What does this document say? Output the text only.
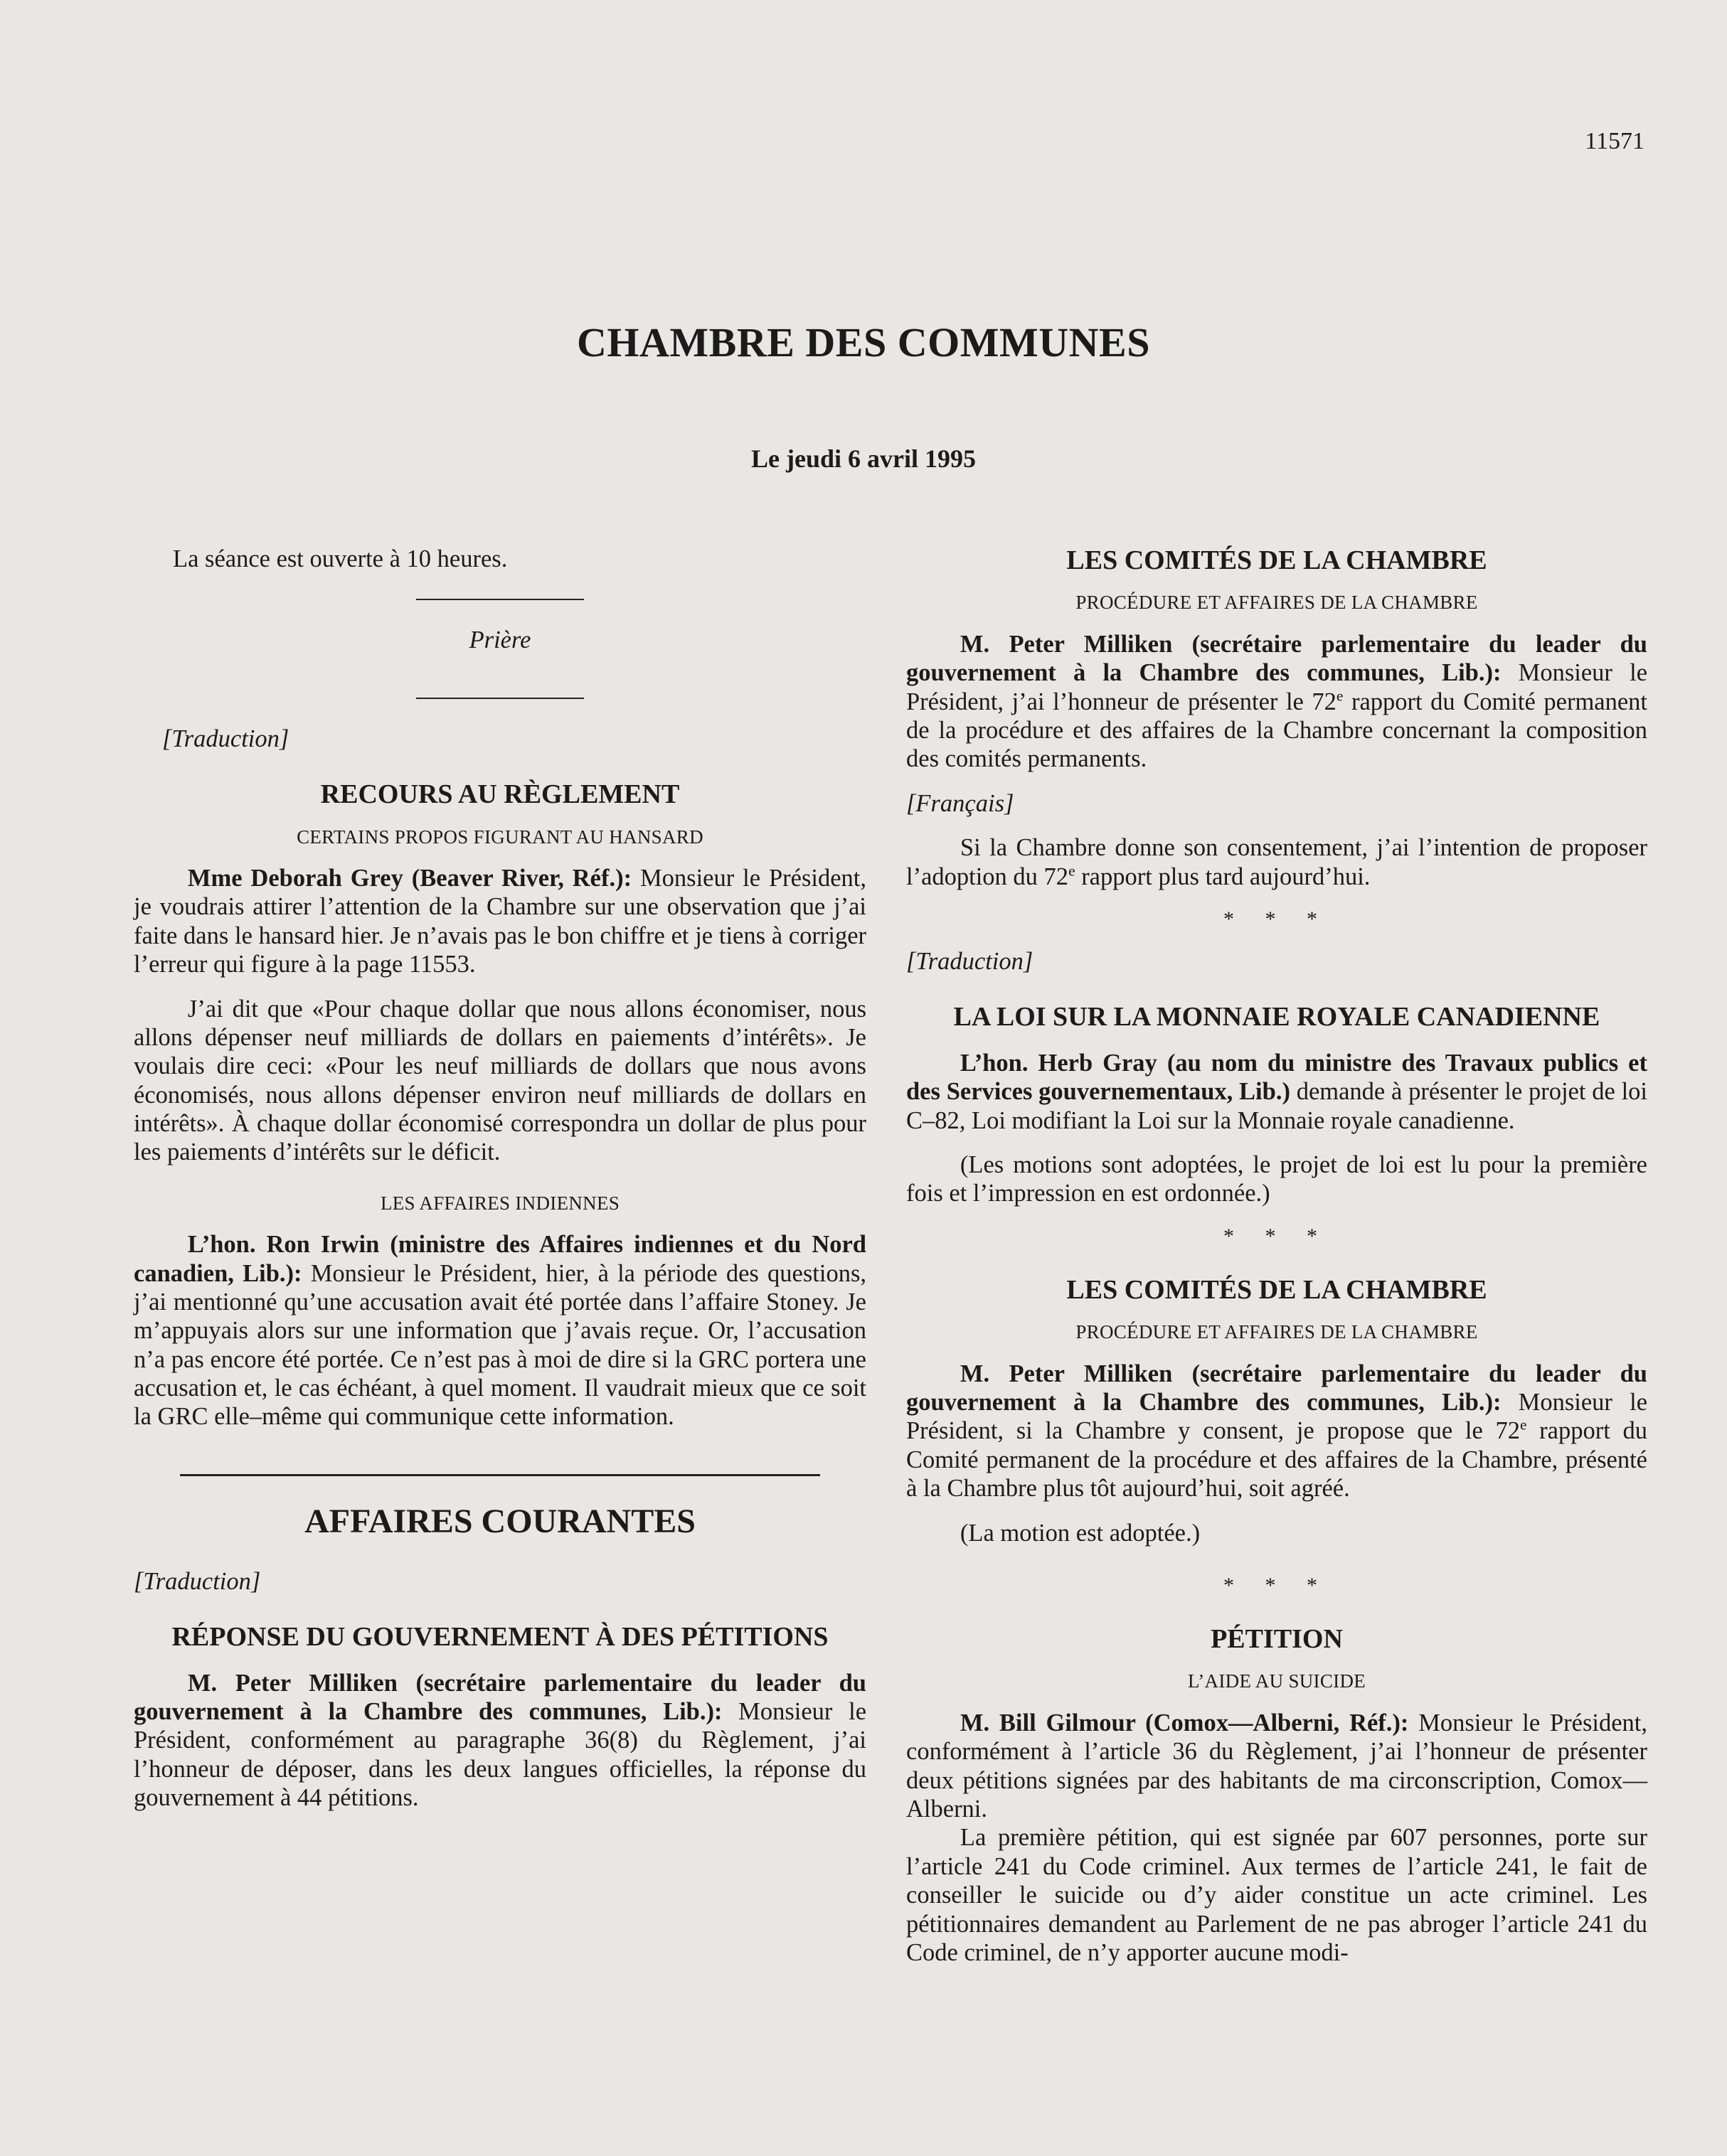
11571
CHAMBRE DES COMMUNES
Le jeudi 6 avril 1995

La séance est ouverte à 10 heures.

Prière

[Traduction]

RECOURS AU RÈGLEMENT
CERTAINS PROPOS FIGURANT AU HANSARD

Mme Deborah Grey (Beaver River, Réf.): Monsieur le Président, je voudrais attirer l’attention de la Chambre sur une observation que j’ai faite dans le hansard hier. Je n’avais pas le bon chiffre et je tiens à corriger l’erreur qui figure à la page 11553.

J’ai dit que «Pour chaque dollar que nous allons économiser, nous allons dépenser neuf milliards de dollars en paiements d’intérêts». Je voulais dire ceci: «Pour les neuf milliards de dollars que nous avons économisés, nous allons dépenser environ neuf milliards de dollars en intérêts». À chaque dollar économisé correspondra un dollar de plus pour les paiements d’intérêts sur le déficit.

LES AFFAIRES INDIENNES

L’hon. Ron Irwin (ministre des Affaires indiennes et du Nord canadien, Lib.): Monsieur le Président, hier, à la période des questions, j’ai mentionné qu’une accusation avait été portée dans l’affaire Stoney. Je m’appuyais alors sur une information que j’avais reçue. Or, l’accusation n’a pas encore été portée. Ce n’est pas à moi de dire si la GRC portera une accusation et, le cas échéant, à quel moment. Il vaudrait mieux que ce soit la GRC elle–même qui communique cette information.

AFFAIRES COURANTES

[Traduction]

RÉPONSE DU GOUVERNEMENT À DES PÉTITIONS

M. Peter Milliken (secrétaire parlementaire du leader du gouvernement à la Chambre des communes, Lib.): Monsieur le Président, conformément au paragraphe 36(8) du Règlement, j’ai l’honneur de déposer, dans les deux langues officielles, la réponse du gouvernement à 44 pétitions.

LES COMITÉS DE LA CHAMBRE
PROCÉDURE ET AFFAIRES DE LA CHAMBRE

M. Peter Milliken (secrétaire parlementaire du leader du gouvernement à la Chambre des communes, Lib.): Monsieur le Président, j’ai l’honneur de présenter le 72e rapport du Comité permanent de la procédure et des affaires de la Chambre concernant la composition des comités permanents.

[Français]

Si la Chambre donne son consentement, j’ai l’intention de proposer l’adoption du 72e rapport plus tard aujourd’hui.

* * *

[Traduction]

LA LOI SUR LA MONNAIE ROYALE CANADIENNE

L’hon. Herb Gray (au nom du ministre des Travaux publics et des Services gouvernementaux, Lib.) demande à présenter le projet de loi C–82, Loi modifiant la Loi sur la Monnaie royale canadienne.

(Les motions sont adoptées, le projet de loi est lu pour la première fois et l’impression en est ordonnée.)

* * *
LES COMITÉS DE LA CHAMBRE
PROCÉDURE ET AFFAIRES DE LA CHAMBRE

M. Peter Milliken (secrétaire parlementaire du leader du gouvernement à la Chambre des communes, Lib.): Monsieur le Président, si la Chambre y consent, je propose que le 72e rapport du Comité permanent de la procédure et des affaires de la Chambre, présenté à la Chambre plus tôt aujourd’hui, soit agréé.

(La motion est adoptée.)

* * *
PÉTITION
L’AIDE AU SUICIDE

M. Bill Gilmour (Comox—Alberni, Réf.): Monsieur le Président, conformément à l’article 36 du Règlement, j’ai l’honneur de présenter deux pétitions signées par des habitants de ma circonscription, Comox—Alberni.

La première pétition, qui est signée par 607 personnes, porte sur l’article 241 du Code criminel. Aux termes de l’article 241, le fait de conseiller le suicide ou d’y aider constitue un acte criminel. Les pétitionnaires demandent au Parlement de ne pas abroger l’article 241 du Code criminel, de n’y apporter aucune modi-
